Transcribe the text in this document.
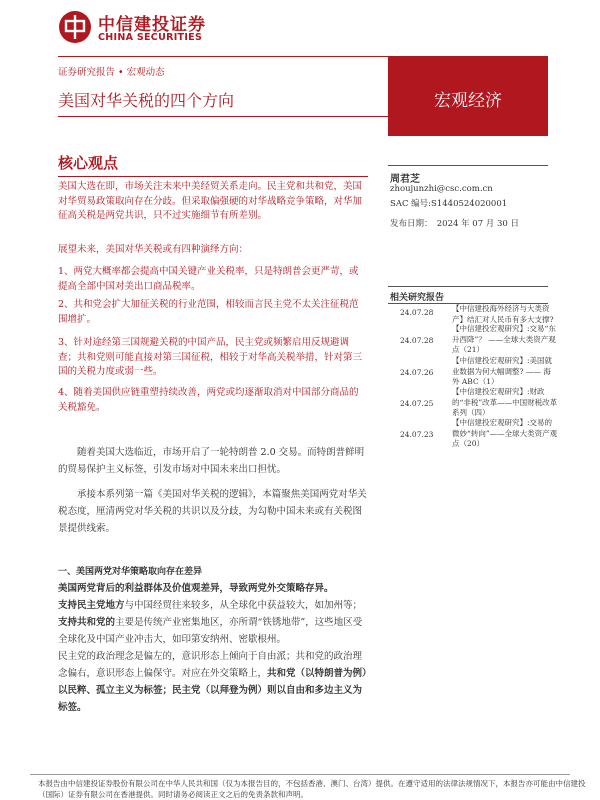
中信建投证券
CHINA SECURITIES
证券研究报告 • 宏观动态
美国对华关税的四个方向	宏观经济
核心观点
美国大选在即，市场关注未来中美经贸关系走向。民主党和共和党，美国对华贸易政策取向存在分歧。但采取偏强硬的对华战略竞争策略，对华加征高关税是两党共识，只不过实施细节有所差别。
展望未来，美国对华关税或有四种演绎方向：
1、两党大概率都会提高中国关键产业关税率，只是特朗普会更严苛，或提高全部中国对美出口商品税率。
2、共和党会扩大加征关税的行业范围，相较而言民主党不太关注征税范围增扩。
3、针对途经第三国规避关税的中国产品，民主党或频繁启用反规避调查；共和党则可能直接对第三国征税，相较于对华高关税举措，针对第三国的关税力度或弱一些。
4、随着美国供应链重塑持续改善，两党或均逐渐取消对中国部分商品的关税豁免。
周君芝
zhoujunzhi@csc.com.cn
SAC 编号:S1440524020001
发布日期：　2024 年 07 月 30 日
相关研究报告
24.07.28 【中信建投海外经济与大类资产】结汇对人民币有多大支撑?
24.07.28
【中信建投宏观研究】:交易“东升西降”？ ——全球大类资产观点（21）
24.07.26
【中信建投宏观研究】:美国就业数据为何大幅调整? —— 海外 ABC（1）
24.07.25
【中信建投宏观研究】:财政的“非税”改革——中国财税改革系列（四）
24.07.23
【中信建投宏观研究】:交易的微妙“转向”——全球大类资产观点（20）
随着美国大选临近，市场开启了一轮特朗普 2.0 交易。而特朗普鲜明的贸易保护主义标签，引发市场对中国未来出口担忧。
承接本系列第一篇《美国对华关税的逻辑》，本篇聚焦美国两党对华关税态度，厘清两党对华关税的共识以及分歧，为勾勒中国未来或有关税图景提供线索。
一、美国两党对华策略取向存在差异
美国两党背后的利益群体及价值观差异，导致两党外交策略存异。
支持民主党地方与中国经贸往来较多，从全球化中获益较大，如加州等；支持共和党的主要是传统产业密集地区，亦所谓“铁锈地带”，这些地区受全球化及中国产业冲击大，如印第安纳州、密歇根州。
民主党的政治理念是偏左的，意识形态上倾向于自由派；共和党的政治理念偏右，意识形态上偏保守。对应在外交策略上，共和党（以特朗普为例）以民粹、孤立主义为标签；民主党（以拜登为例）则以自由和多边主义为标签。
本报告由中信建投证券股份有限公司在中华人民共和国（仅为本报告目的，不包括香港、澳门、台湾）提供。在遵守适用的法律法规情况下，本报告亦可能由中信建投（国际）证券有限公司在香港提供。同时请务必阅读正文之后的免责条款和声明。
